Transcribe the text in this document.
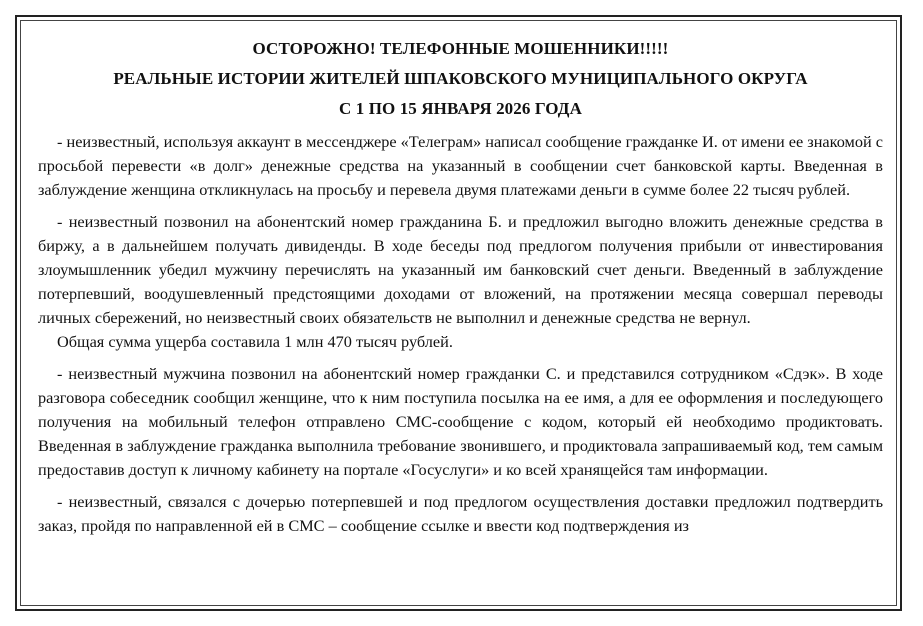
ОСТОРОЖНО! ТЕЛЕФОННЫЕ МОШЕННИКИ!!!!!

РЕАЛЬНЫЕ ИСТОРИИ ЖИТЕЛЕЙ ШПАКОВСКОГО МУНИЦИПАЛЬНОГО ОКРУГА

С 1 ПО 15 ЯНВАРЯ 2026 ГОДА

- неизвестный, используя аккаунт в мессенджере «Телеграм» написал сообщение гражданке И. от имени ее знакомой с просьбой перевести «в долг» денежные средства на указанный в сообщении счет банковской карты. Введенная в заблуждение женщина откликнулась на просьбу и перевела двумя платежами деньги в сумме более 22 тысяч рублей.

- неизвестный позвонил на абонентский номер гражданина Б. и предложил выгодно вложить денежные средства в биржу, а в дальнейшем получать дивиденды. В ходе беседы под предлогом получения прибыли от инвестирования злоумышленник убедил мужчину перечислять на указанный им банковский счет деньги. Введенный в заблуждение потерпевший, воодушевленный предстоящими доходами от вложений, на протяжении месяца совершал переводы личных сбережений, но неизвестный своих обязательств не выполнил и денежные средства не вернул.

Общая сумма ущерба составила 1 млн 470 тысяч рублей.

- неизвестный мужчина позвонил на абонентский номер гражданки С. и представился сотрудником «Сдэк». В ходе разговора собеседник сообщил женщине, что к ним поступила посылка на ее имя, а для ее оформления и последующего получения на мобильный телефон отправлено СМС-сообщение с кодом, который ей необходимо продиктовать. Введенная в заблуждение гражданка выполнила требование звонившего, и продиктовала запрашиваемый код, тем самым предоставив доступ к личному кабинету на портале «Госуслуги» и ко всей хранящейся там информации.

- неизвестный, связался с дочерью потерпевшей и под предлогом осуществления доставки предложил подтвердить заказ, пройдя по направленной ей в СМС – сообщение ссылке и ввести код подтверждения из
